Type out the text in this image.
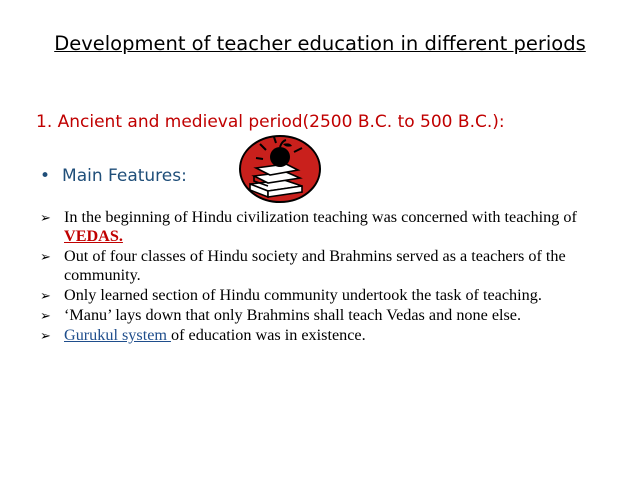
Development of teacher education in different periods
1. Ancient and medieval period(2500 B.C. to 500 B.C.):
• Main Features:
➢ In the beginning of Hindu civilization teaching was concerned with teaching of VEDAS.
➢ Out of four classes of Hindu society and Brahmins served as a teachers of the community.
➢ Only learned section of Hindu community undertook the task of teaching.
➢ ‘Manu’ lays down that only Brahmins shall teach Vedas and none else.
➢ Gurukul system of education was in existence.
